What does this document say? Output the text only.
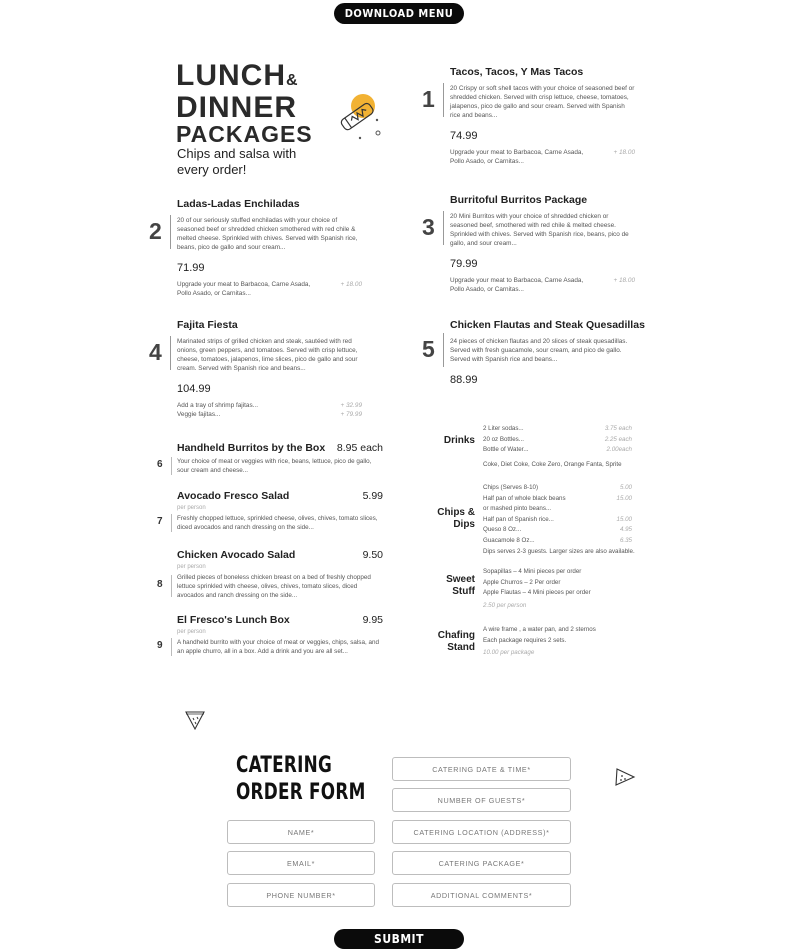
DOWNLOAD MENU
LUNCH&
DINNER
PACKAGES
Chips and salsa with every order!
1
Tacos, Tacos, Y Mas Tacos
20 Crispy or soft shell tacos with your choice of seasoned beef or shredded chicken. Served with crisp lettuce, cheese, tomatoes, jalapenos, pico de gallo and sour cream. Served with Spanish rice and beans...
74.99
Upgrade your meat to Barbacoa, Carne Asada, Pollo Asado, or Carnitas...
+ 18.00
2
Ladas-Ladas Enchiladas
20 of our seriously stuffed enchiladas with your choice of seasoned beef or shredded chicken smothered with red chile & melted cheese. Sprinkled with chives. Served with Spanish rice, beans, pico de gallo and sour cream...
71.99
Upgrade your meat to Barbacoa, Carne Asada, Pollo Asado, or Carnitas...
+ 18.00
3
Burritoful Burritos Package
20 Mini Burritos with your choice of shredded chicken or seasoned beef, smothered with red chile & melted cheese. Sprinkled with chives. Served with Spanish rice, beans, pico de gallo, and sour cream...
79.99
Upgrade your meat to Barbacoa, Carne Asada, Pollo Asado, or Carnitas...
+ 18.00
4
Fajita Fiesta
Marinated strips of grilled chicken and steak, sautéed with red onions, green peppers, and tomatoes. Served with crisp lettuce, cheese, tomatoes, jalapenos, lime slices, pico de gallo and sour cream. Served with Spanish rice and beans...
104.99
Add a tray of shrimp fajitas...	+ 32.99
Veggie fajitas...	+ 79.99
5
Chicken Flautas and Steak Quesadillas
24 pieces of chicken flautas and 20 slices of steak quesadillas. Served with fresh guacamole, sour cream, and pico de gallo. Served with Spanish rice and beans...
88.99
Handheld Burritos by the Box 8.95 each
6 Your choice of meat or veggies with rice, beans, lettuce, pico de gallo, sour cream and cheese...
Avocado Fresco Salad	5.99
per person
7 Freshly chopped lettuce, sprinkled cheese, olives, chives, tomato slices, diced avocados and ranch dressing on the side...
Chicken Avocado Salad	9.50
per person
8
Grilled pieces of boneless chicken breast on a bed of freshly chopped lettuce sprinkled with cheese, olives, chives, tomato slices, diced avocados and ranch dressing on the side...
El Fresco's Lunch Box	9.95
per person
9 A handheld burrito with your choice of meat or veggies, chips, salsa, and an apple churro, all in a box. Add a drink and you are all set...
Drinks
2 Liter sodas...	3.75 each
20 oz Bottles...	2.25 each
Bottle of Water...	2.00each
Coke, Diet Coke, Coke Zero, Orange Fanta, Sprite
Chips &
Dips
Chips (Serves 8-10)	5.00
Half pan of whole black beans	15.00
or mashed pinto beans...
Half pan of Spanish rice...	15.00
Queso 8 Oz...	4.95
Guacamole 8 Oz...	6.35
Dips serves 2-3 guests. Larger sizes are also available.
Sweet
Stuff
Sopapillas – 4 Mini pieces per order
Apple Churros – 2 Per order
Apple Flautas – 4 Mini pieces per order
2.50 per person
Chafing
Stand
A wire frame , a water pan, and 2 sternos
Each package requires 2 sets.
10.00 per package
CATERING
ORDER FORM
CATERING DATE & TIME*
NUMBER OF GUESTS*
NAME*
CATERING LOCATION (ADDRESS)*
EMAIL*
CATERING PACKAGE*
PHONE NUMBER*
ADDITIONAL COMMENTS*
SUBMIT
